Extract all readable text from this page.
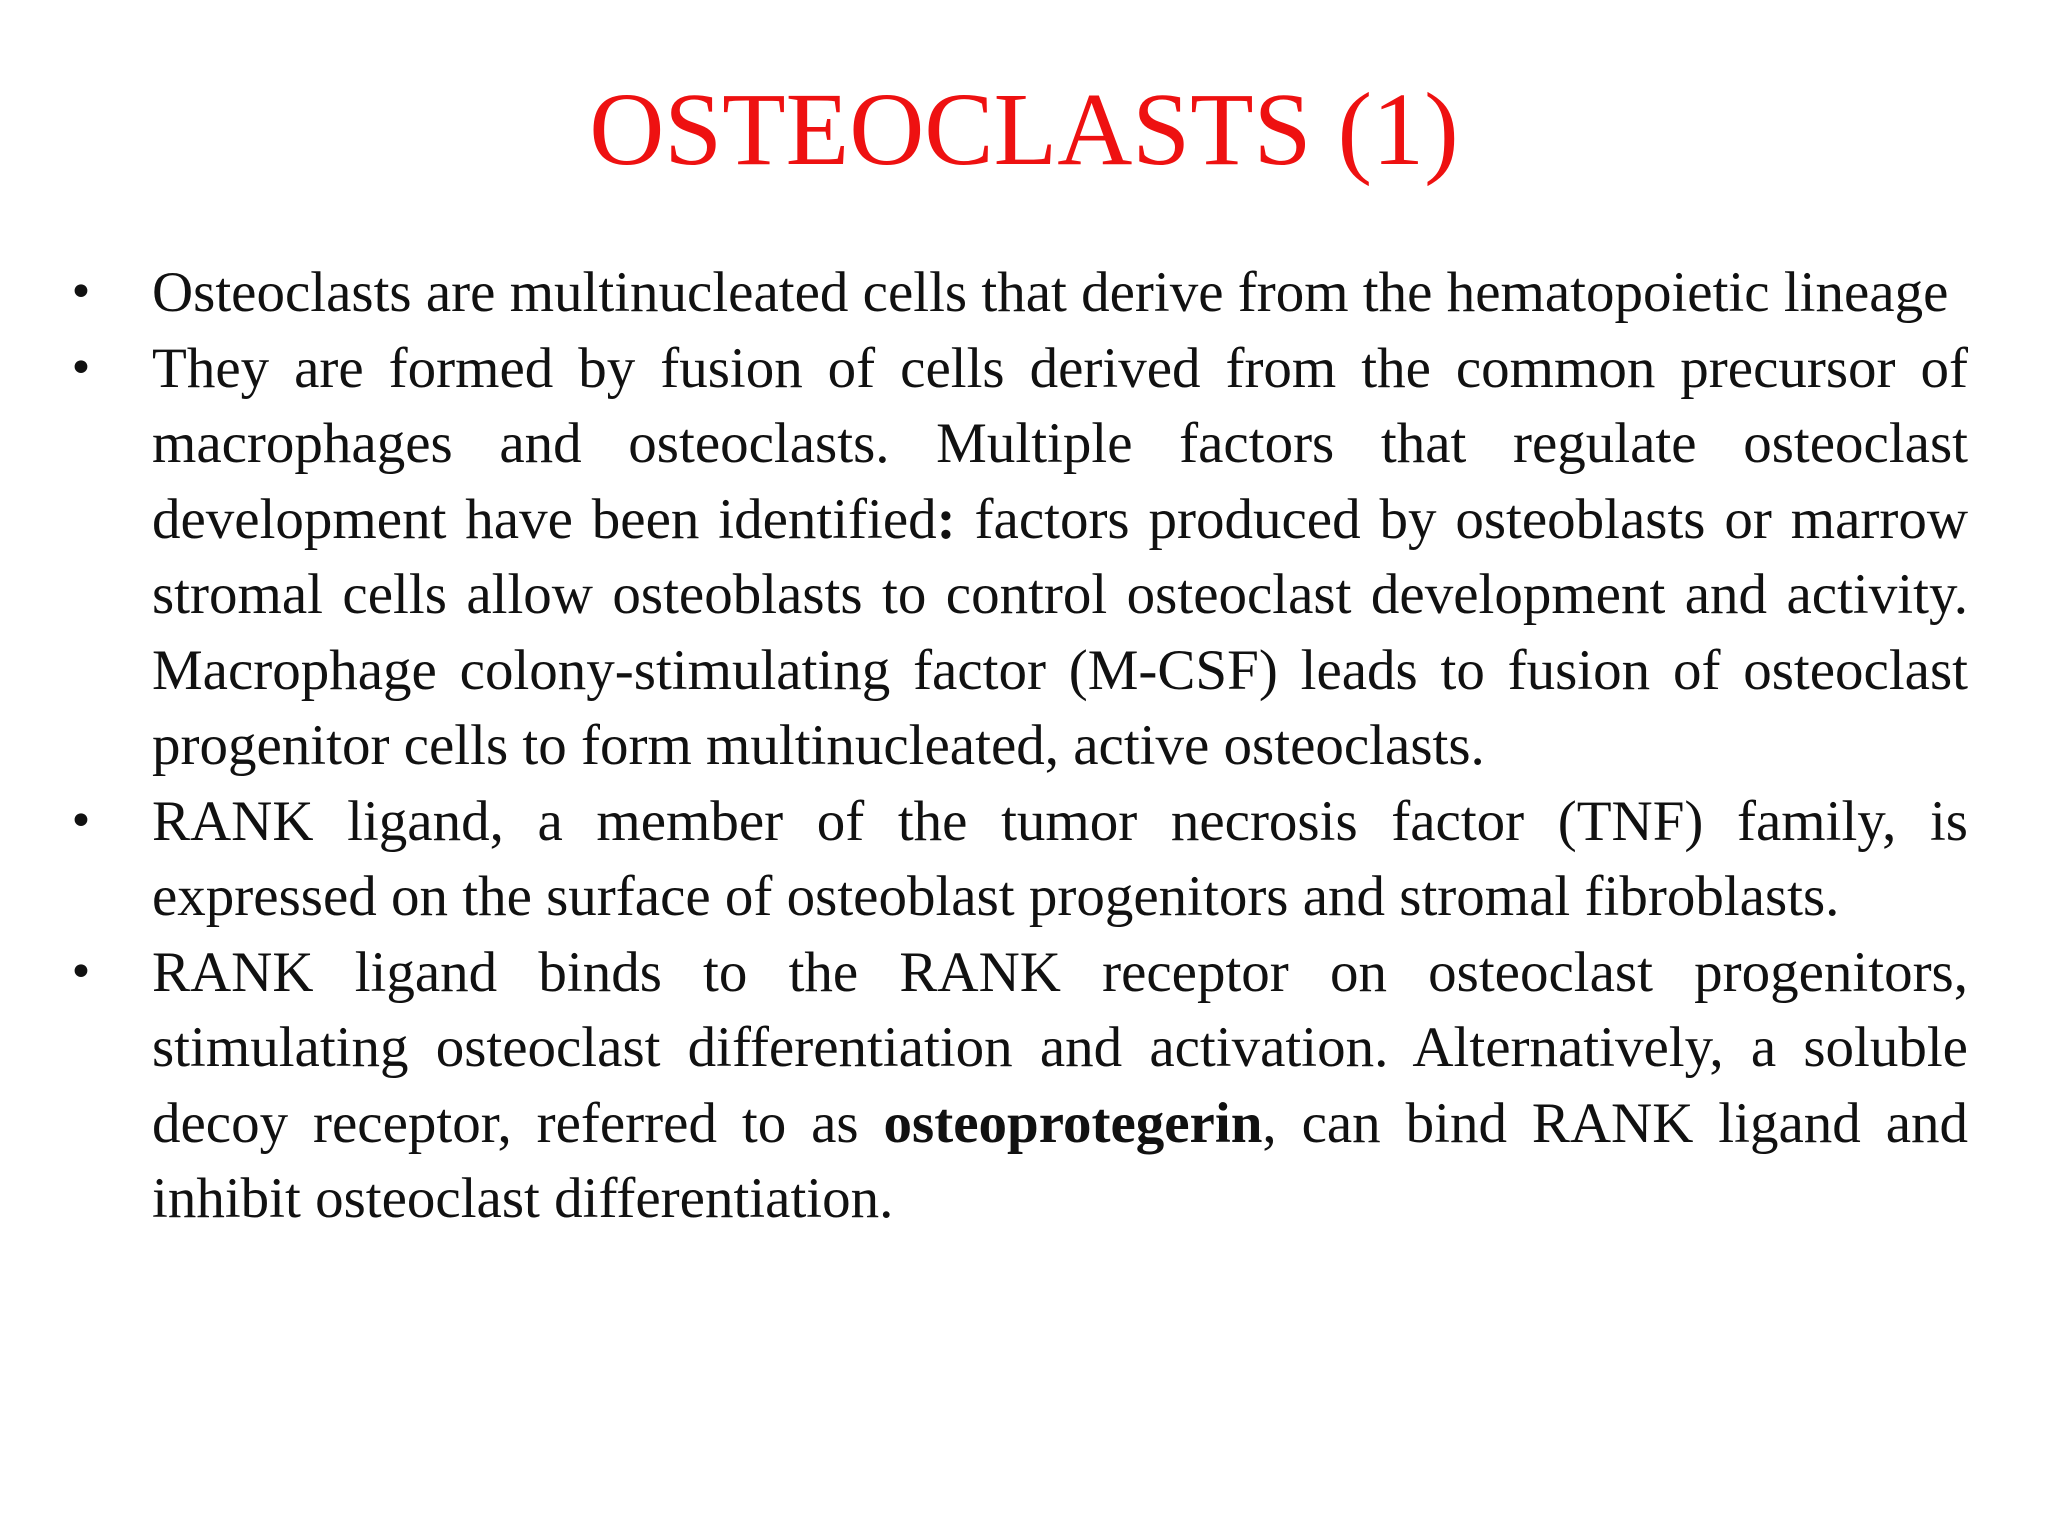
OSTEOCLASTS (1)
•	Osteoclasts are multinucleated cells that derive from the hematopoietic lineage
•	They are formed by fusion of cells derived from the common precursor of macrophages and osteoclasts. Multiple factors that regulate osteoclast development have been identified: factors produced by osteoblasts or marrow stromal cells allow osteoblasts to control osteoclast development and activity. Macrophage colony-stimulating factor (M-CSF) leads to fusion of osteoclast progenitor cells to form multinucleated, active osteoclasts.
•	RANK ligand, a member of the tumor necrosis factor (TNF) family, is expressed on the surface of osteoblast progenitors and stromal fibroblasts.
•	RANK ligand binds to the RANK receptor on osteoclast progenitors, stimulating osteoclast differentiation and activation. Alternatively, a soluble decoy receptor, referred to as osteoprotegerin, can bind RANK ligand and inhibit osteoclast differentiation.
